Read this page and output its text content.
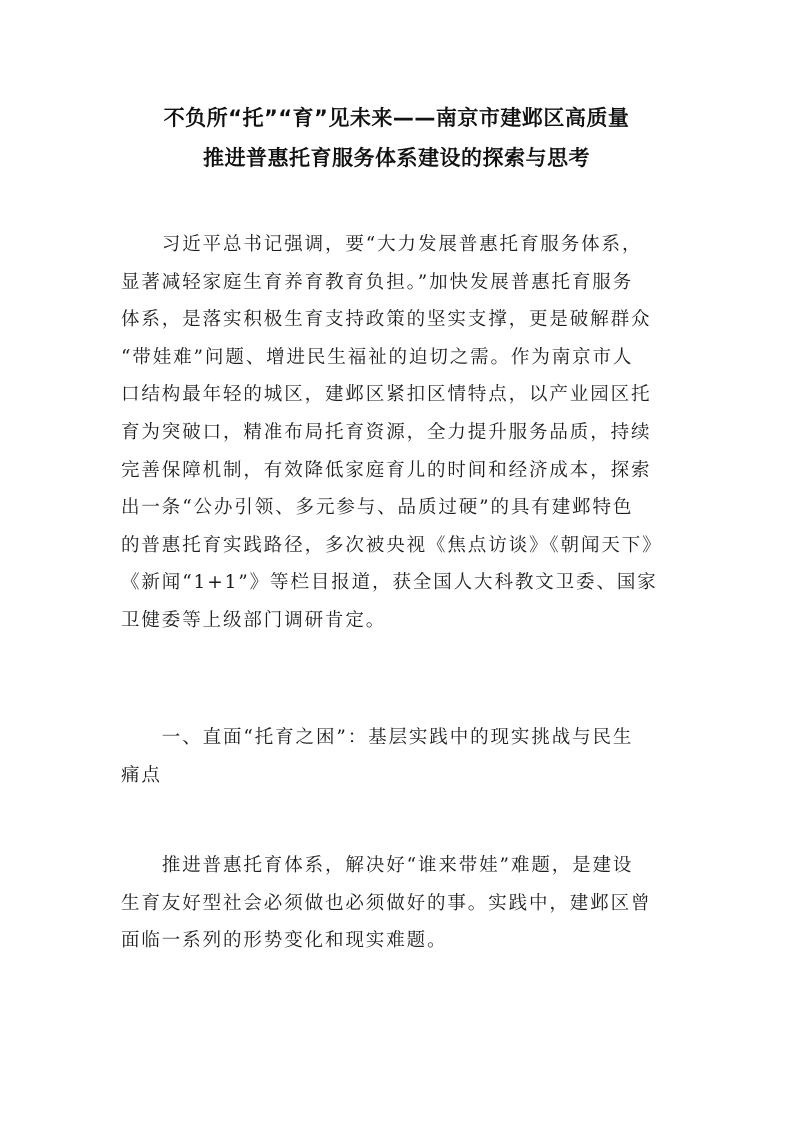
不负所“托”“育”见未来——南京市建邺区高质量
推进普惠托育服务体系建设的探索与思考
　　习近平总书记强调，要“大力发展普惠托育服务体系，
显著减轻家庭生育养育教育负担。”加快发展普惠托育服务
体系，是落实积极生育支持政策的坚实支撑，更是破解群众
“带娃难”问题、增进民生福祉的迫切之需。作为南京市人
口结构最年轻的城区，建邺区紧扣区情特点，以产业园区托
育为突破口，精准布局托育资源，全力提升服务品质，持续
完善保障机制，有效降低家庭育儿的时间和经济成本，探索
出一条“公办引领、多元参与、品质过硬”的具有建邺特色
的普惠托育实践路径，多次被央视《焦点访谈》《朝闻天下》
《新闻“1+1”》等栏目报道，获全国人大科教文卫委、国家
卫健委等上级部门调研肯定。
　　一、直面“托育之困”：基层实践中的现实挑战与民生
痛点
　　推进普惠托育体系，解决好“谁来带娃”难题，是建设
生育友好型社会必须做也必须做好的事。实践中，建邺区曾
面临一系列的形势变化和现实难题。
